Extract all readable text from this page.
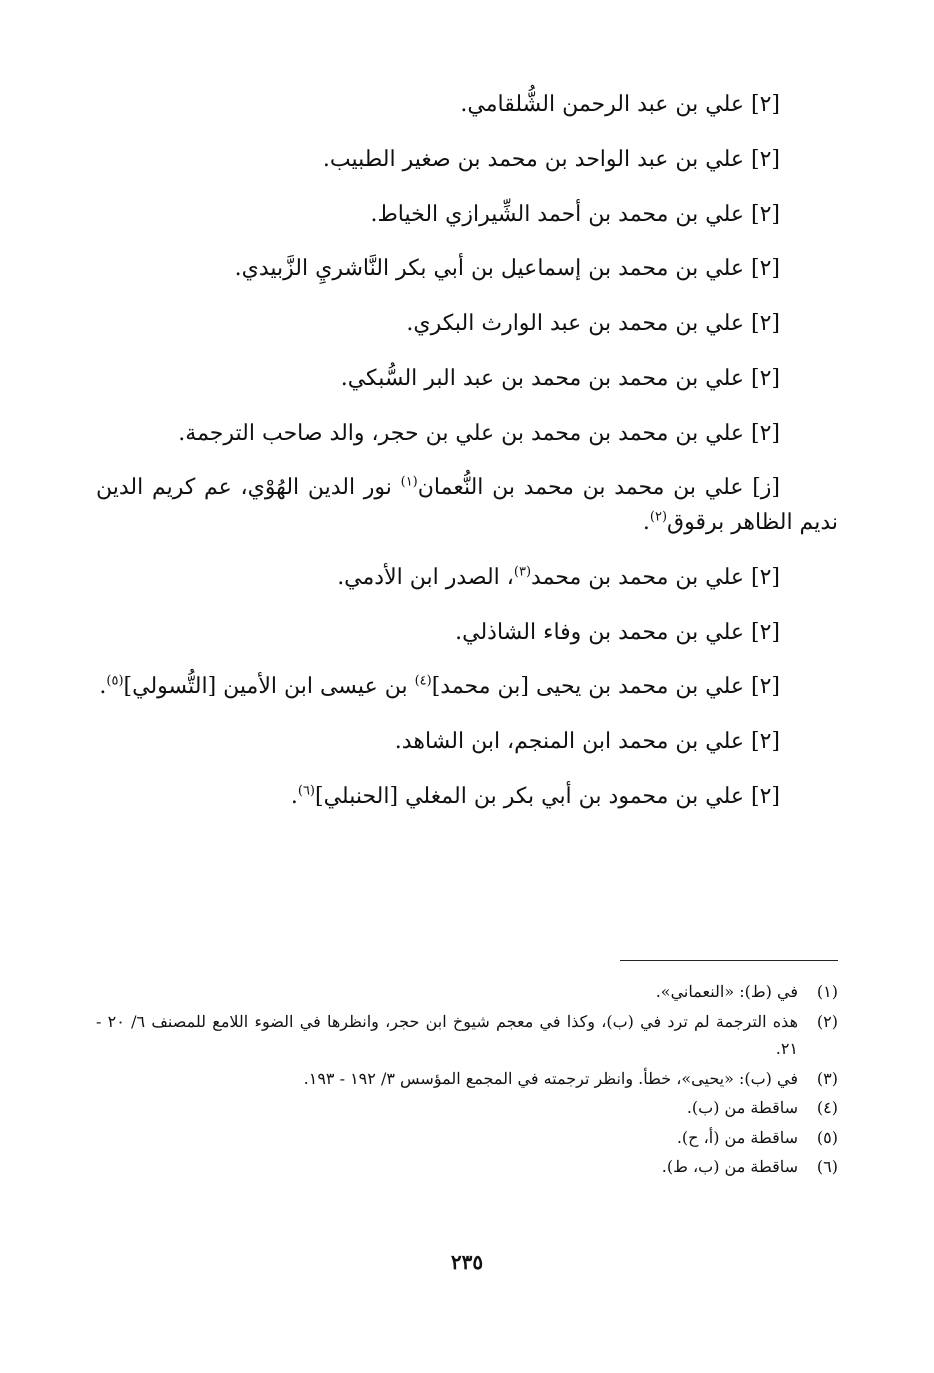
[٢] علي بن عبد الرحمن الشُّلقامي.
[٢] علي بن عبد الواحد بن محمد بن صغير الطبيب.
[٢] علي بن محمد بن أحمد الشِّيرازي الخياط.
[٢] علي بن محمد بن إسماعيل بن أبي بكر النَّاشريِ الزَّبيدي.
[٢] علي بن محمد بن عبد الوارث البكري.
[٢] علي بن محمد بن محمد بن عبد البر السُّبكي.
[٢] علي بن محمد بن محمد بن علي بن حجر، والد صاحب الترجمة.
[ز] علي بن محمد بن محمد بن النُّعمان$^{(١)}$ نور الدين الهُوْي، عم كريم الدين نديم الظاهر برقوق$^{(٢)}$.
[٢] علي بن محمد بن محمد$^{(٣)}$، الصدر ابن الأدمي.
[٢] علي بن محمد بن وفاء الشاذلي.
[٢] علي بن محمد بن يحيى [بن محمد]$^{(٤)}$ بن عيسى ابن الأمين [التُّسولي]$^{(٥)}$.
[٢] علي بن محمد ابن المنجم، ابن الشاهد.
[٢] علي بن محمود بن أبي بكر بن المغلي [الحنبلي]$^{(٦)}$.
(١)
في (ط): «النعماني».
(٢)
هذه الترجمة لم ترد في (ب)، وكذا في معجم شيوخ ابن حجر، وانظرها في الضوء اللامع للمصنف ٦/ ٢٠ - ٢١.
(٣)
في (ب): «يحيى»، خطأ. وانظر ترجمته في المجمع المؤسس ٣/ ١٩٢ - ١٩٣.
(٤)
ساقطة من (ب).
(٥)
ساقطة من (أ، ح).
(٦)
ساقطة من (ب، ط).
٢٣٥
